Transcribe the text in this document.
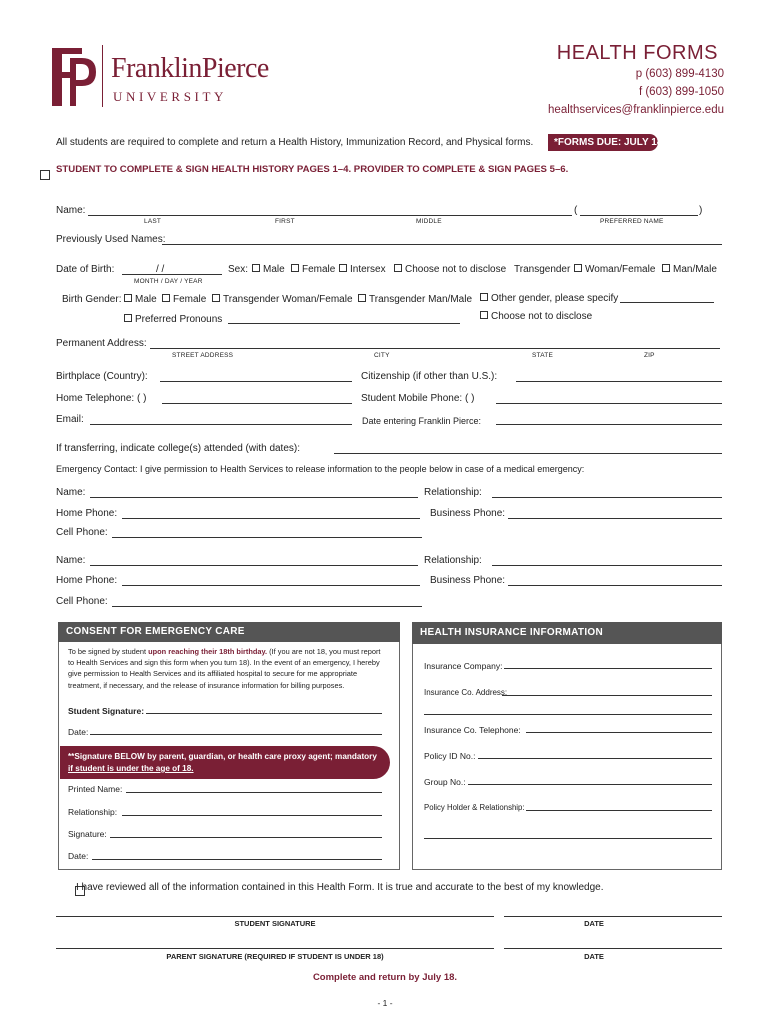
FranklinPierce
UNIVERSITY
HEALTH FORMS
p (603) 899-4130
f (603) 899-1050
healthservices@franklinpierce.edu
All students are required to complete and return a Health History, Immunization Record, and Physical forms.	*FORMS DUE: JULY 18

STUDENT TO COMPLETE & SIGN HEALTH HISTORY PAGES 1–4. PROVIDER TO COMPLETE & SIGN PAGES 5–6.
Name:	(	)
LAST	FIRST	MIDDLE	PREFERRED NAME
Previously Used Names:
Date of Birth:	/ /
MONTH / DAY / YEAR
Sex:	Male	Female	Intersex	Choose not to disclose Transgender	Woman/Female	Man/Male
Birth Gender:	Male	Female	Transgender Woman/Female	Transgender Man/Male	Other gender, please specify
Choose not to disclose
Preferred Pronouns
Permanent Address:
STREET ADDRESS	CITY	STATE	ZIP
Birthplace (Country):	Citizenship (if other than U.S.):
Home Telephone: ( )	Student Mobile Phone: ( )
Email:	Date entering Franklin Pierce:
If transferring, indicate college(s) attended (with dates):
Emergency Contact: I give permission to Health Services to release information to the people below in case of a medical emergency:
Name:	Relationship:
Home Phone:	Business Phone:
Cell Phone:
Name:	Relationship:
Home Phone:	Business Phone:
Cell Phone:
CONSENT FOR EMERGENCY CARE
To be signed by student upon reaching their 18th birthday. (If you are not 18, you must report to Health Services and sign this form when you turn 18). In the event of an emergency, I hereby give permission to Health Services and its affiliated hospital to secure for me appropriate treatment, if necessary, and the release of insurance information for billing purposes.
Student Signature:
Date:
**Signature BELOW by parent, guardian, or health care proxy agent; mandatory
if student is under the age of 18.
Printed Name:
Relationship:
Signature:
Date:
HEALTH INSURANCE INFORMATION
Insurance Company:
Insurance Co. Address:
Insurance Co. Telephone:
Policy ID No.:
Group No.:
Policy Holder & Relationship:
I have reviewed all of the information contained in this Health Form. It is true and accurate to the best of my knowledge.
STUDENT SIGNATURE	DATE
PARENT SIGNATURE (REQUIRED IF STUDENT IS UNDER 18)	DATE
Complete and return by July 18.
- 1 -
